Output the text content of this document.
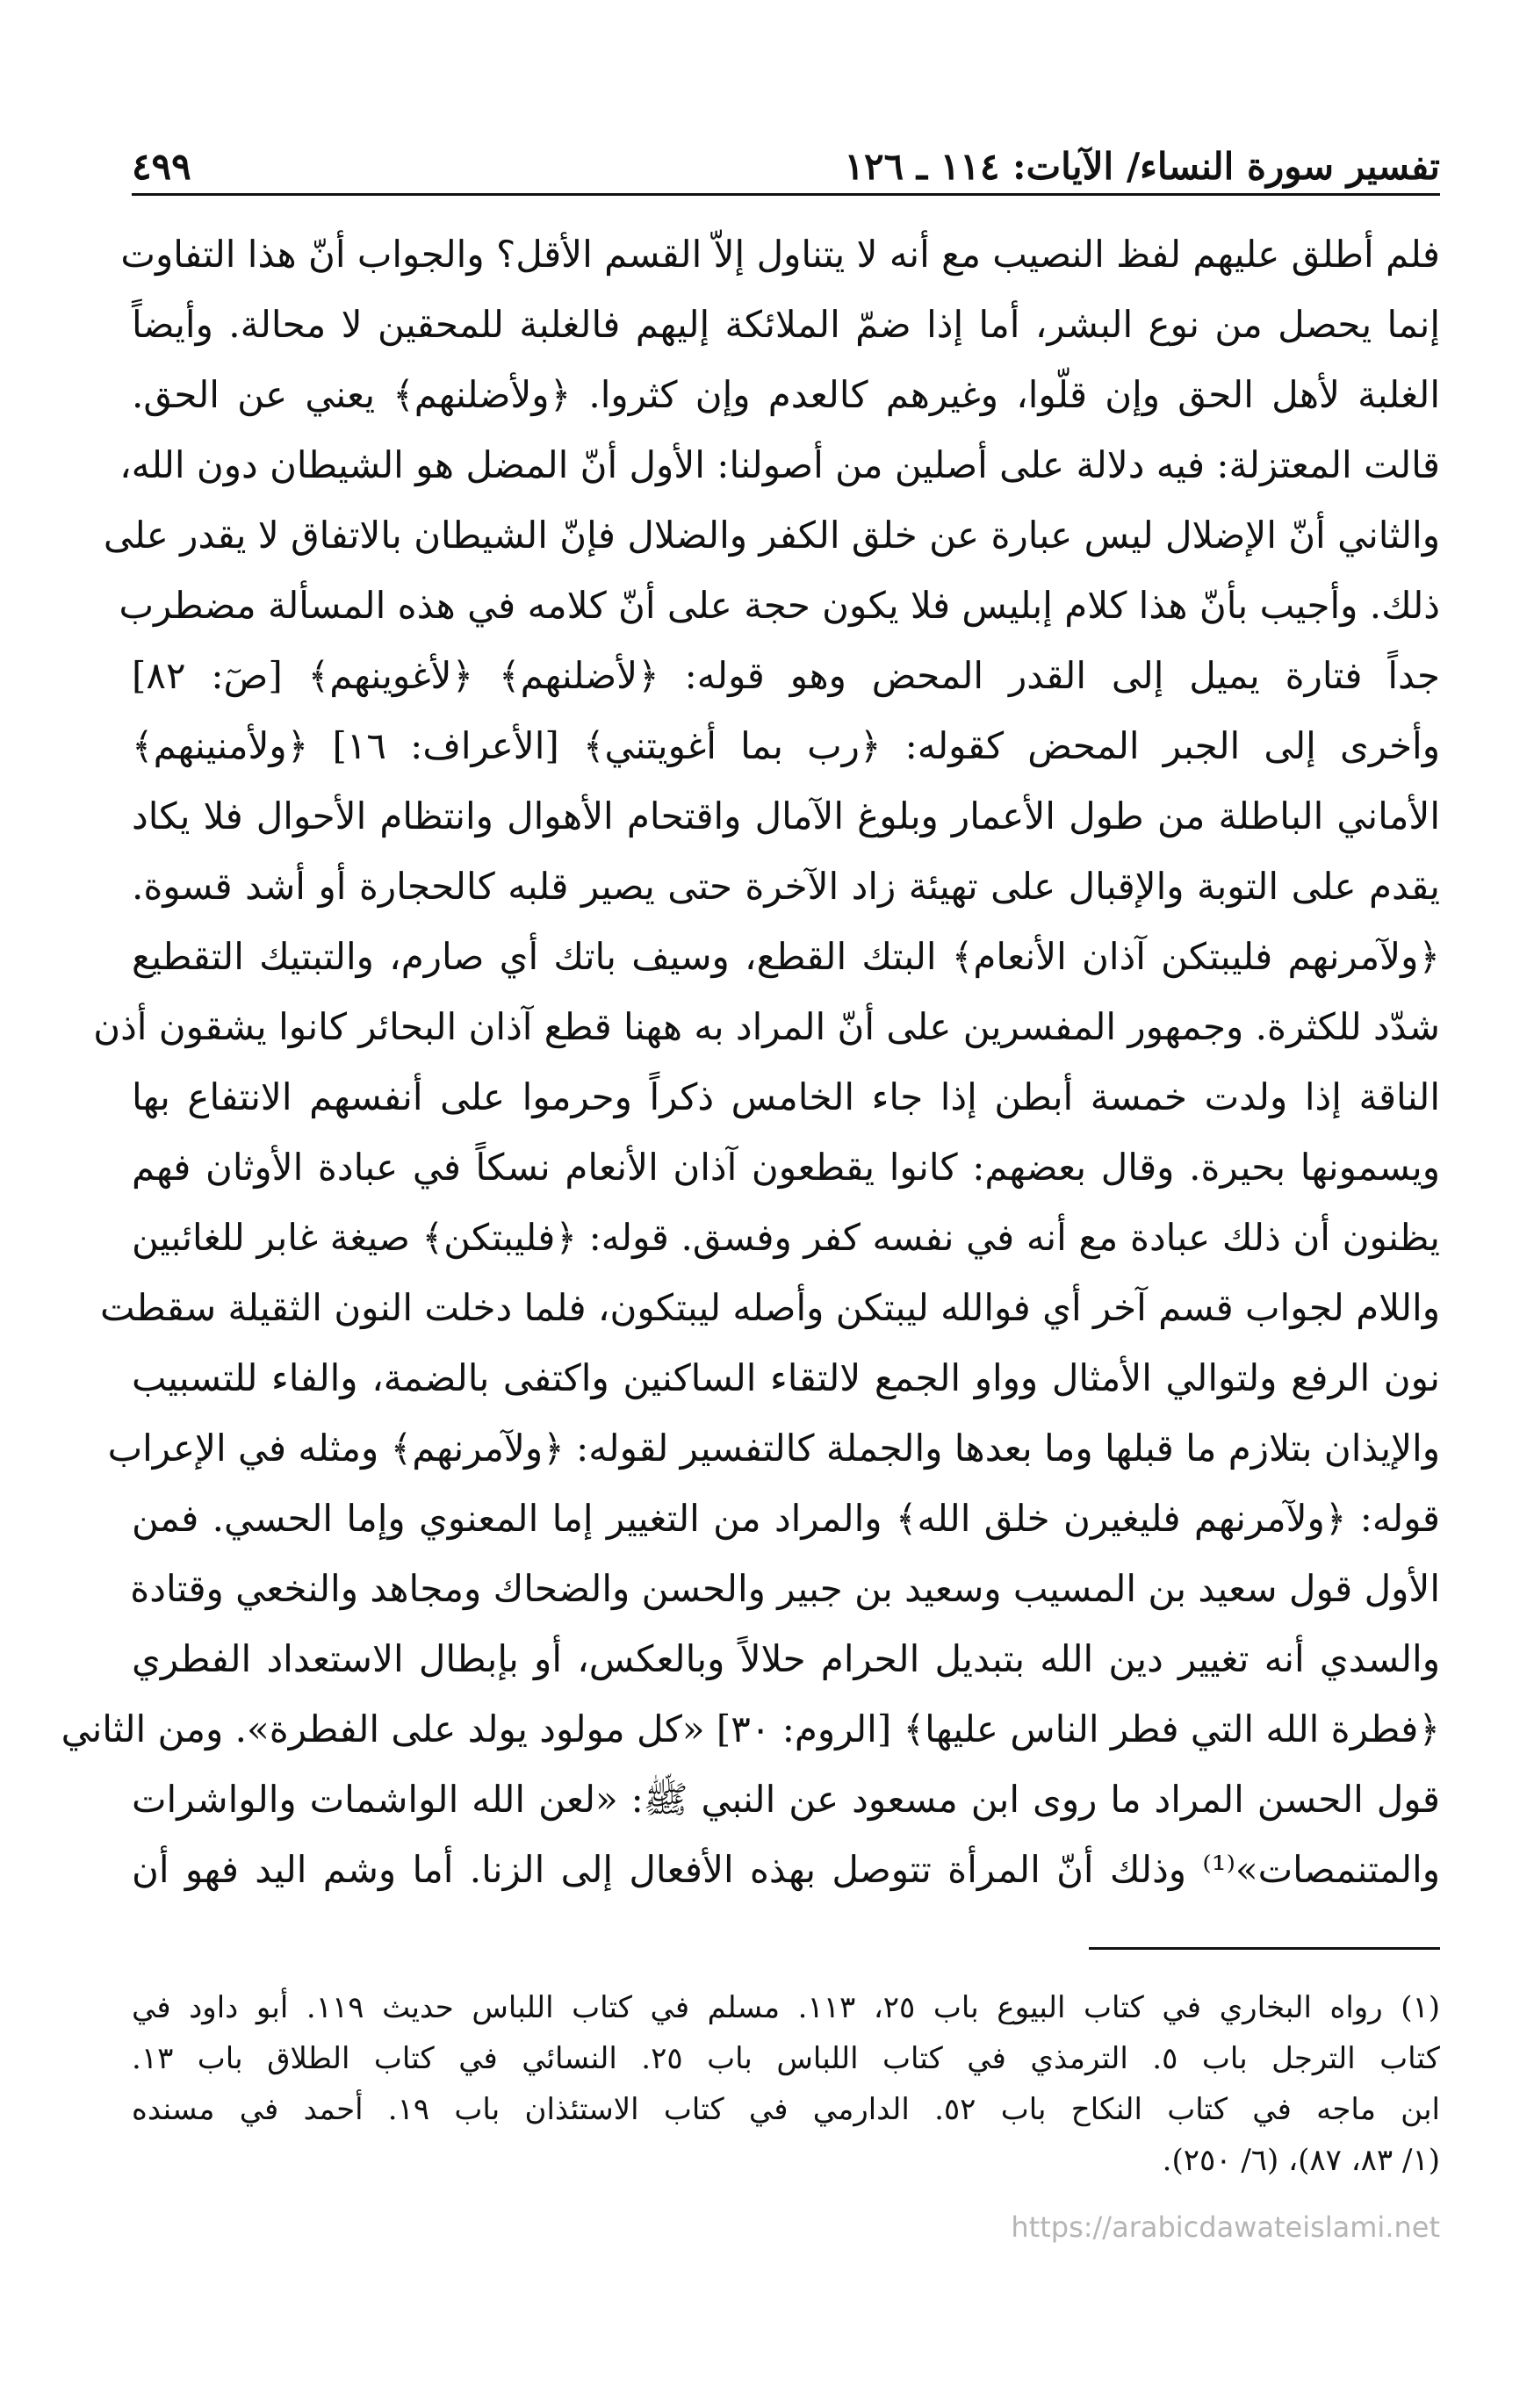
تفسير سورة النساء/ الآيات: ١١٤ ـ ١٢٦
٤٩٩
فلم أطلق عليهم لفظ النصيب مع أنه لا يتناول إلاّ القسم الأقل؟ والجواب أنّ هذا التفاوت
إنما يحصل من نوع البشر، أما إذا ضمّ الملائكة إليهم فالغلبة للمحقين لا محالة. وأيضاً
الغلبة لأهل الحق وإن قلّوا، وغيرهم كالعدم وإن كثروا. ﴿ولأضلنهم﴾ يعني عن الحق.
قالت المعتزلة: فيه دلالة على أصلين من أصولنا: الأول أنّ المضل هو الشيطان دون الله،
والثاني أنّ الإضلال ليس عبارة عن خلق الكفر والضلال فإنّ الشيطان بالاتفاق لا يقدر على
ذلك. وأجيب بأنّ هذا كلام إبليس فلا يكون حجة على أنّ كلامه في هذه المسألة مضطرب
جداً فتارة يميل إلى القدر المحض وهو قوله: ﴿لأضلنهم﴾ ﴿لأغوينهم﴾ [صٓ: ٨٢]
وأخرى إلى الجبر المحض كقوله: ﴿رب بما أغويتني﴾ [الأعراف: ١٦] ﴿ولأمنينهم﴾
الأماني الباطلة من طول الأعمار وبلوغ الآمال واقتحام الأهوال وانتظام الأحوال فلا يكاد
يقدم على التوبة والإقبال على تهيئة زاد الآخرة حتى يصير قلبه كالحجارة أو أشد قسوة.
﴿ولآمرنهم فليبتكن آذان الأنعام﴾ البتك القطع، وسيف باتك أي صارم، والتبتيك التقطيع
شدّد للكثرة. وجمهور المفسرين على أنّ المراد به ههنا قطع آذان البحائر كانوا يشقون أذن
الناقة إذا ولدت خمسة أبطن إذا جاء الخامس ذكراً وحرموا على أنفسهم الانتفاع بها
ويسمونها بحيرة. وقال بعضهم: كانوا يقطعون آذان الأنعام نسكاً في عبادة الأوثان فهم
يظنون أن ذلك عبادة مع أنه في نفسه كفر وفسق. قوله: ﴿فليبتكن﴾ صيغة غابر للغائبين
واللام لجواب قسم آخر أي فوالله ليبتكن وأصله ليبتكون، فلما دخلت النون الثقيلة سقطت
نون الرفع ولتوالي الأمثال وواو الجمع لالتقاء الساكنين واكتفى بالضمة، والفاء للتسبيب
والإيذان بتلازم ما قبلها وما بعدها والجملة كالتفسير لقوله: ﴿ولآمرنهم﴾ ومثله في الإعراب
قوله: ﴿ولآمرنهم فليغيرن خلق الله﴾ والمراد من التغيير إما المعنوي وإما الحسي. فمن
الأول قول سعيد بن المسيب وسعيد بن جبير والحسن والضحاك ومجاهد والنخعي وقتادة
والسدي أنه تغيير دين الله بتبديل الحرام حلالاً وبالعكس، أو بإبطال الاستعداد الفطري
﴿فطرة الله التي فطر الناس عليها﴾ [الروم: ٣٠] «كل مولود يولد على الفطرة». ومن الثاني
قول الحسن المراد ما روى ابن مسعود عن النبي ﷺ: «لعن الله الواشمات والواشرات
والمتنمصات»⁽¹⁾ وذلك أنّ المرأة تتوصل بهذه الأفعال إلى الزنا. أما وشم اليد فهو أن
(١) رواه البخاري في كتاب البيوع باب ٢٥، ١١٣. مسلم في كتاب اللباس حديث ١١٩. أبو داود في
كتاب الترجل باب ٥. الترمذي في كتاب اللباس باب ٢٥. النسائي في كتاب الطلاق باب ١٣.
ابن ماجه في كتاب النكاح باب ٥٢. الدارمي في كتاب الاستئذان باب ١٩. أحمد في مسنده
(١/ ٨٣، ٨٧)، (٦/ ٢٥٠).
https://arabicdawateislami.net
